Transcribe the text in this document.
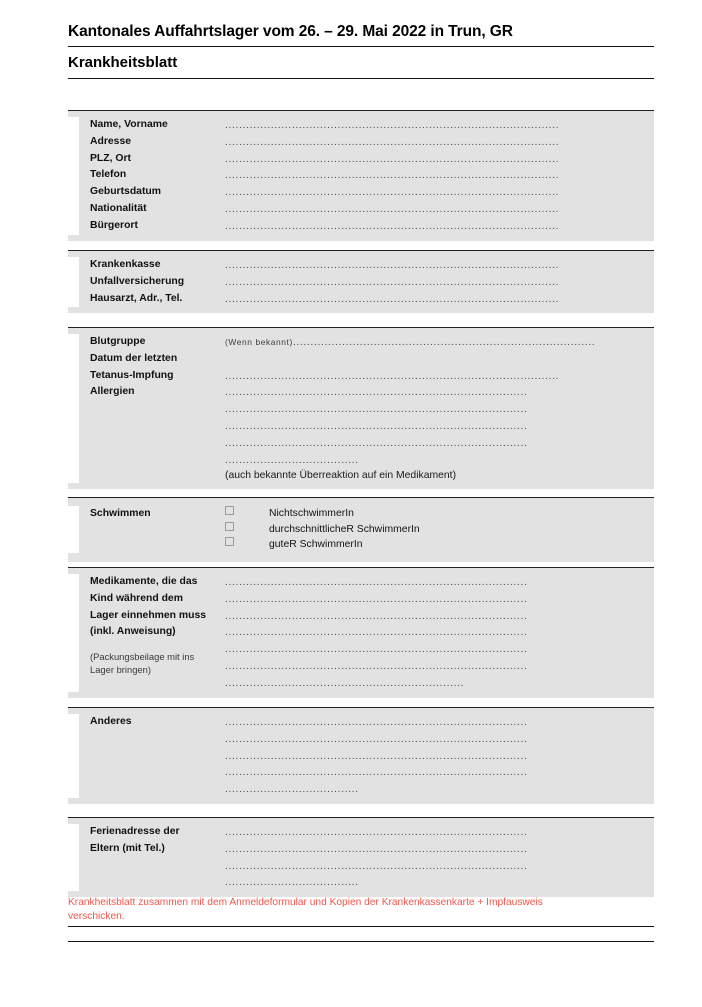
Kantonales Auffahrtslager vom 26. – 29. Mai 2022 in Trun, GR
Krankheitsblatt
Name, Vorname
Adresse
PLZ, Ort
Telefon
Geburtsdatum
Nationalität
Bürgerort
...............................................................................................
...............................................................................................
...............................................................................................
...............................................................................................
...............................................................................................
...............................................................................................
...............................................................................................
Krankenkasse
Unfallversicherung
Hausarzt, Adr., Tel.
...............................................................................................
...............................................................................................
...............................................................................................
Blutgruppe
Datum der letzten
Tetanus-Impfung
Allergien
(Wenn bekannt)......................................................................................

...............................................................................................
......................................................................................
......................................................................................
......................................................................................
......................................................................................
......................................
(auch bekannte Überreaktion auf ein Medikament)
Schwimmen	NichtschwimmerIn
durchschnittlicheR SchwimmerIn
guteR SchwimmerIn
Medikamente, die das
Kind während dem
Lager einnehmen muss
(inkl. Anweisung)
(Packungsbeilage mit ins
Lager bringen)
......................................................................................
......................................................................................
......................................................................................
......................................................................................
......................................................................................
......................................................................................
....................................................................
Anderes	......................................................................................
......................................................................................
......................................................................................
......................................................................................
......................................
Ferienadresse der
Eltern (mit Tel.)
......................................................................................
......................................................................................
......................................................................................
......................................
Krankheitsblatt zusammen mit dem Anmeldeformular und Kopien der Krankenkassenkarte + Impfausweis
verschicken.
